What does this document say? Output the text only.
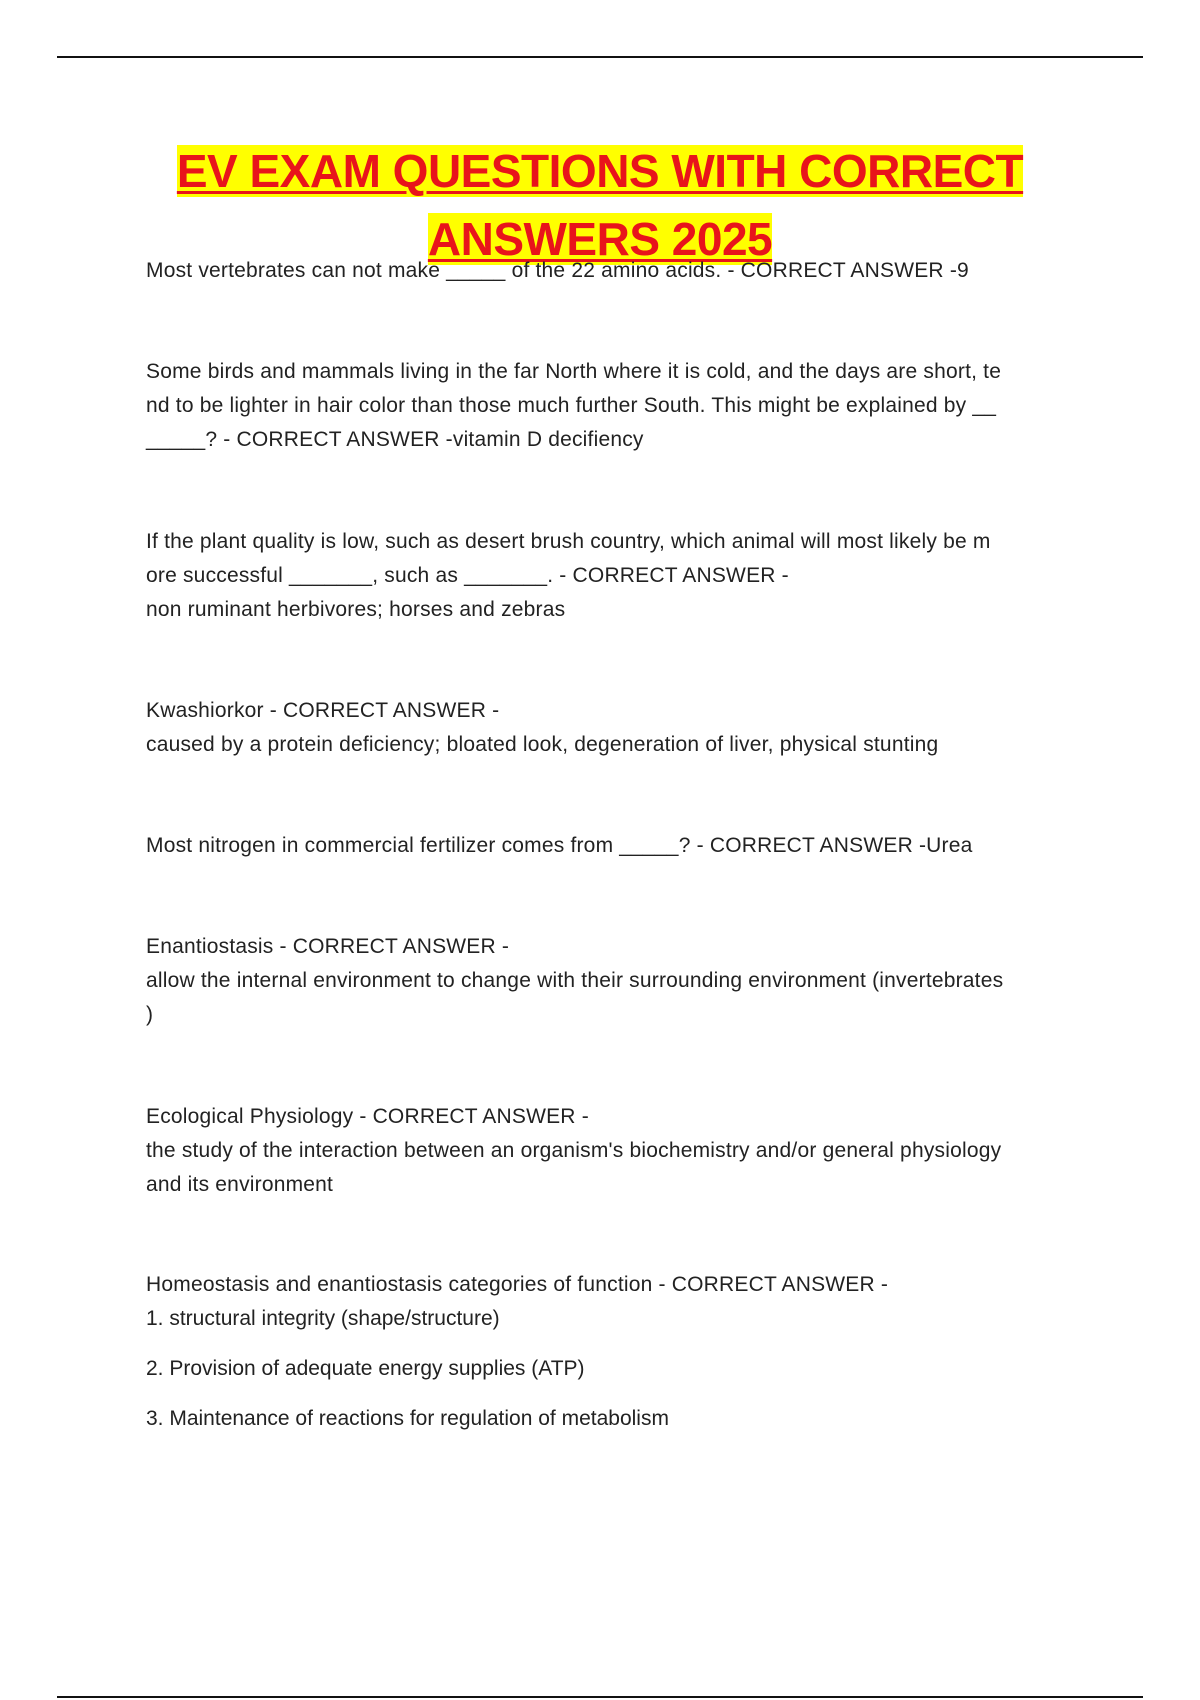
EV EXAM QUESTIONS WITH CORRECT
ANSWERS 2025
Most vertebrates can not make _____ of the 22 amino acids. - CORRECT ANSWER -9
Some birds and mammals living in the far North where it is cold, and the days are short, te
nd to be lighter in hair color than those much further South. This might be explained by __
_____? - CORRECT ANSWER -vitamin D decifiency
If the plant quality is low, such as desert brush country, which animal will most likely be m
ore successful _______, such as _______. - CORRECT ANSWER -
non ruminant herbivores; horses and zebras
Kwashiorkor - CORRECT ANSWER -
caused by a protein deficiency; bloated look, degeneration of liver, physical stunting
Most nitrogen in commercial fertilizer comes from _____? - CORRECT ANSWER -Urea
Enantiostasis - CORRECT ANSWER -
allow the internal environment to change with their surrounding environment (invertebrates
)
Ecological Physiology - CORRECT ANSWER -
the study of the interaction between an organism's biochemistry and/or general physiology
and its environment
Homeostasis and enantiostasis categories of function - CORRECT ANSWER -
1. structural integrity (shape/structure)
2. Provision of adequate energy supplies (ATP)
3. Maintenance of reactions for regulation of metabolism
